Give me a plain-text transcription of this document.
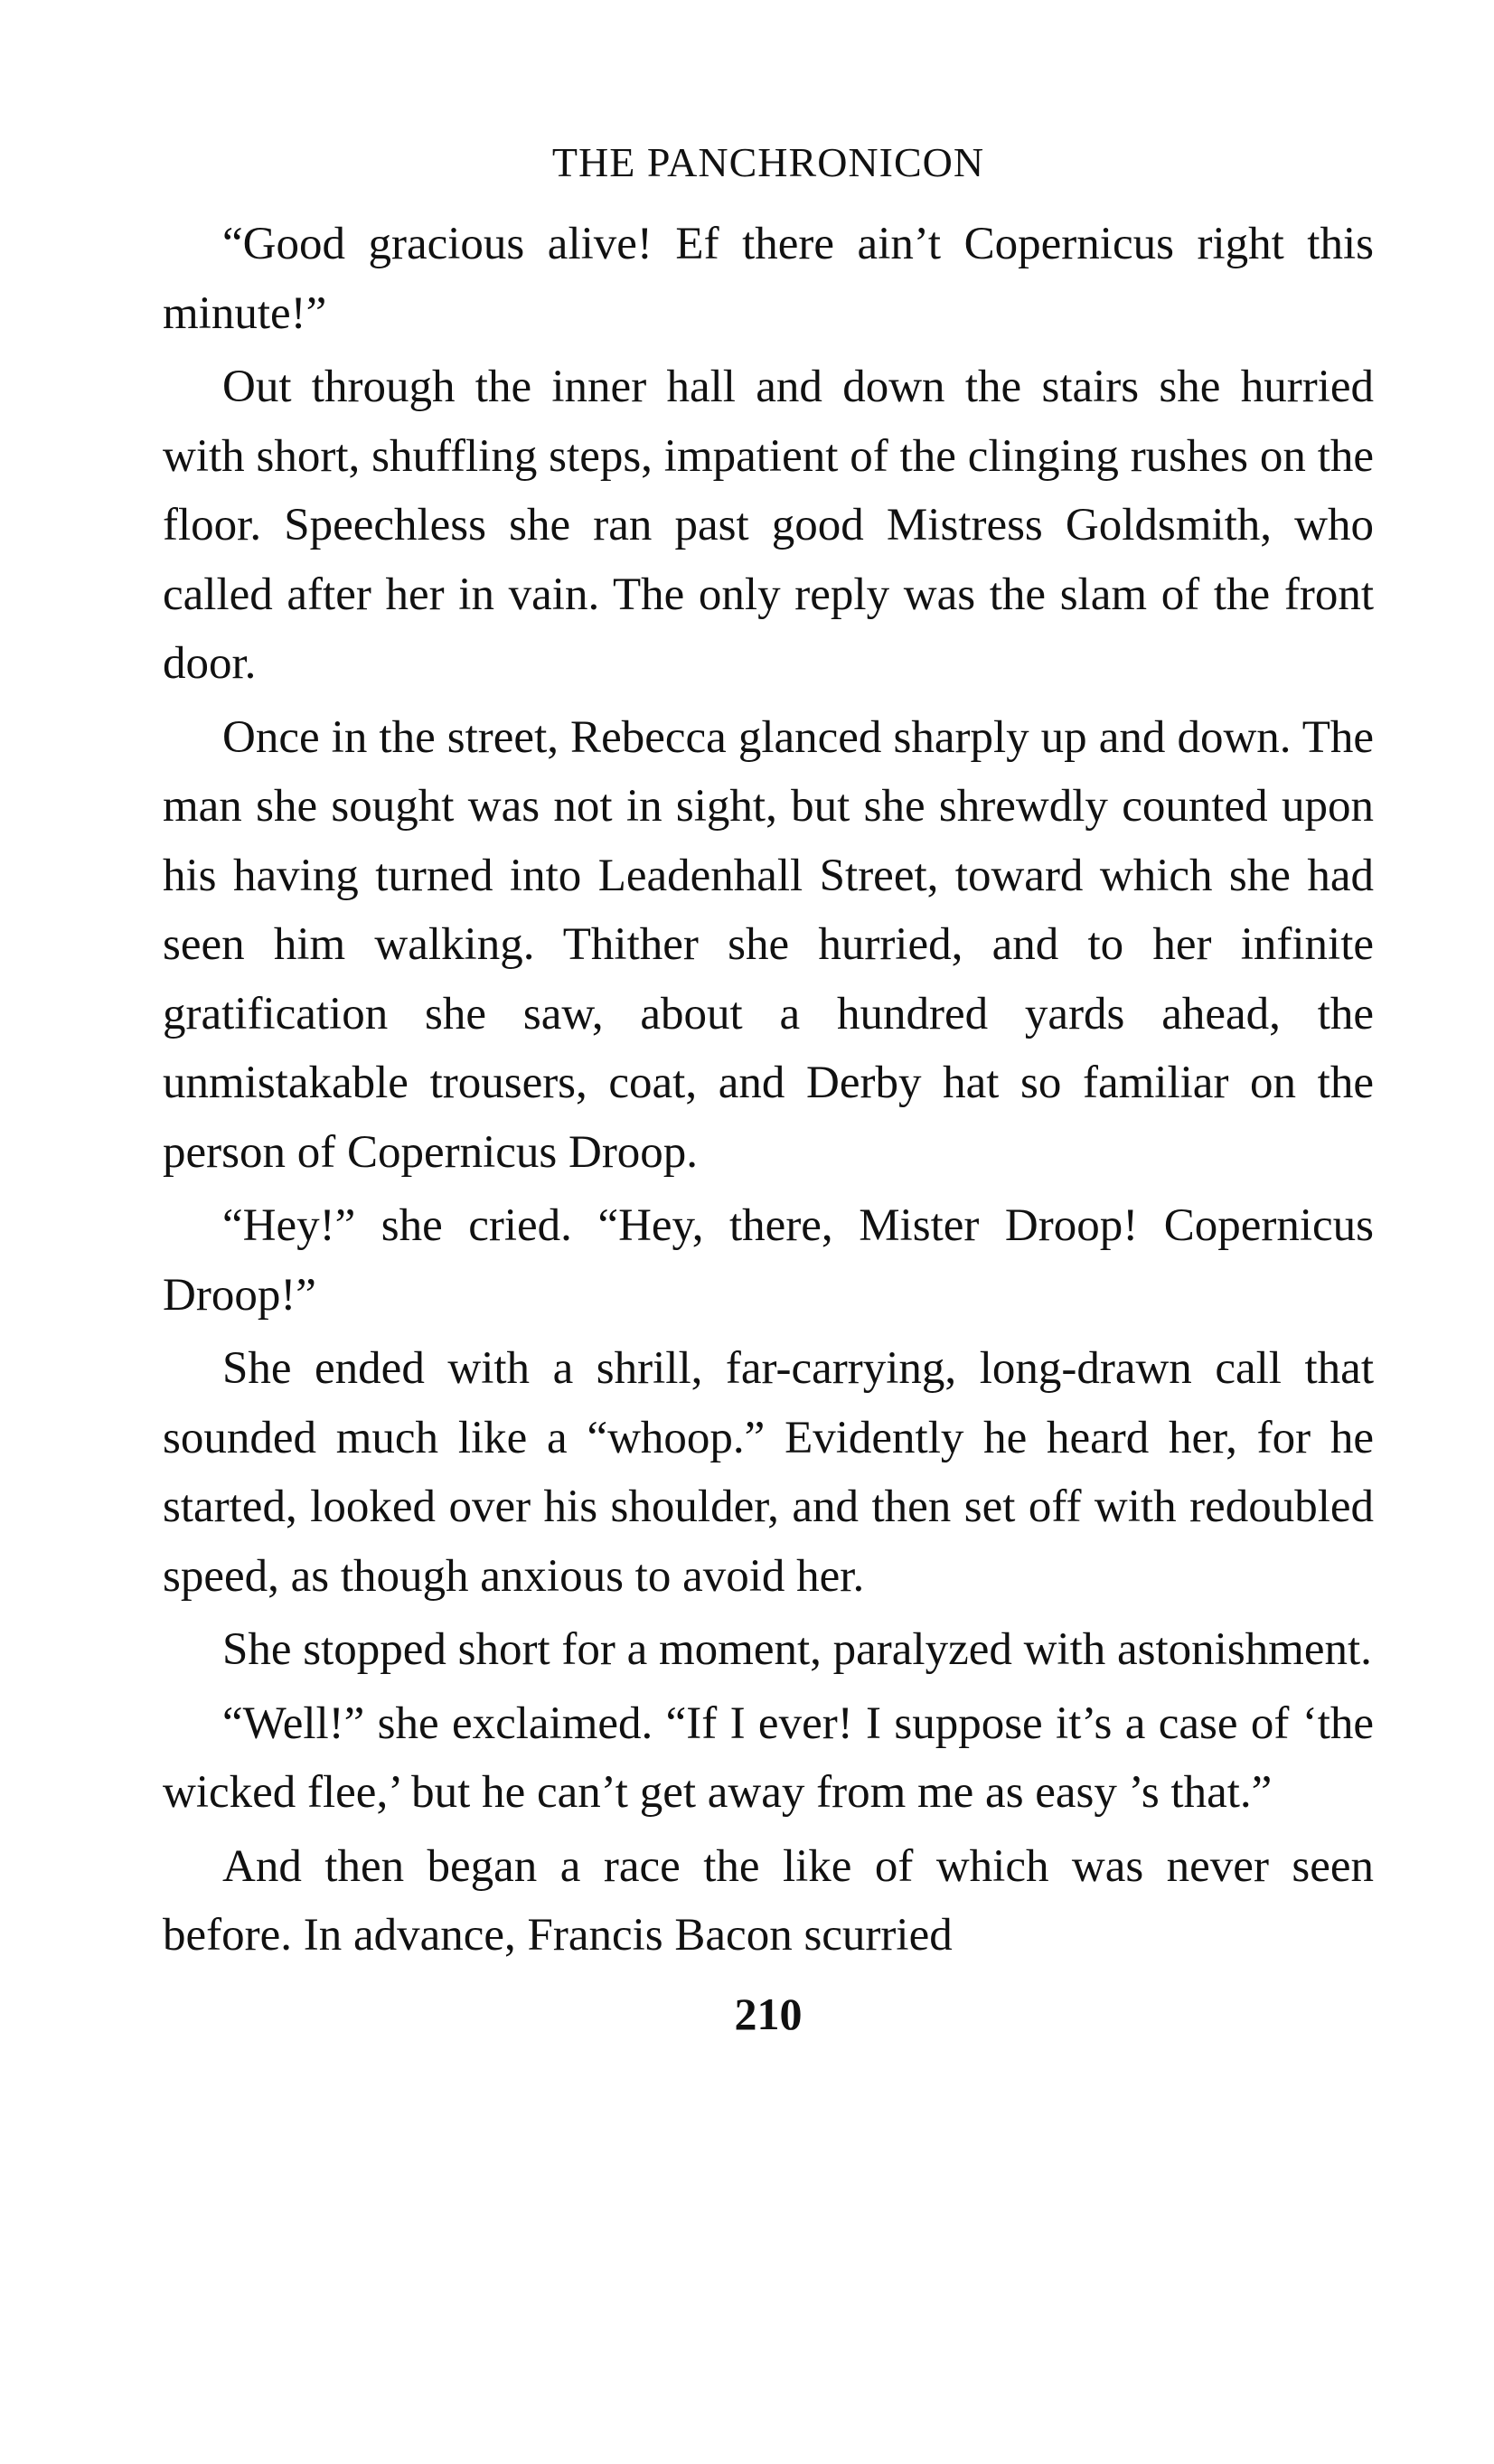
THE PANCHRONICON

“Good gracious alive! Ef there ain’t Copernicus right this minute!”

Out through the inner hall and down the stairs she hurried with short, shuffling steps, impatient of the clinging rushes on the floor. Speechless she ran past good Mistress Goldsmith, who called after her in vain. The only reply was the slam of the front door.

Once in the street, Rebecca glanced sharply up and down. The man she sought was not in sight, but she shrewdly counted upon his having turned into Leadenhall Street, toward which she had seen him walking. Thither she hurried, and to her infinite gratification she saw, about a hundred yards ahead, the unmistakable trousers, coat, and Derby hat so familiar on the person of Copernicus Droop.

“Hey!” she cried. “Hey, there, Mister Droop! Copernicus Droop!”

She ended with a shrill, far-carrying, long-drawn call that sounded much like a “whoop.” Evidently he heard her, for he started, looked over his shoulder, and then set off with redoubled speed, as though anxious to avoid her.

She stopped short for a moment, paralyzed with astonishment.

“Well!” she exclaimed. “If I ever! I suppose it’s a case of ‘the wicked flee,’ but he can’t get away from me as easy ’s that.”

And then began a race the like of which was never seen before. In advance, Francis Bacon scurried

210
